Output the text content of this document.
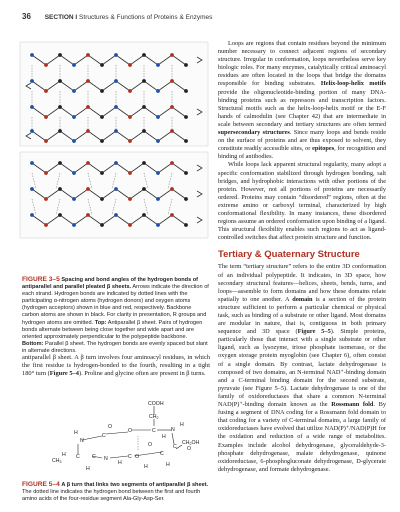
36 SECTION I Structures & Functions of Proteins & Enzymes
FIGURE 3–5 Spacing and bond angles of the hydrogen bonds of antiparallel and parallel pleated β sheets. Arrows indicate the direction of each strand. Hydrogen bonds are indicated by dotted lines with the participating α-nitrogen atoms (hydrogen donors) and oxygen atoms (hydrogen acceptors) shown in blue and red, respectively. Backbone carbon atoms are shown in black. For clarity in presentation, R groups and hydrogen atoms are omitted. Top: Antiparallel β sheet. Pairs of hydrogen bonds alternate between being close together and wide apart and are oriented approximately perpendicular to the polypeptide backbone. Bottom: Parallel β sheet. The hydrogen bonds are evenly spaced but slant in alternate directions.

antiparallel β sheet. A β turn involves four aminoacyl residues, in which the first residue is hydrogen-bonded to the fourth, resulting in a tight 180° turn (Figure 5–4). Proline and glycine often are present in β turns.

COOH
$CH_2$
C
H
O
H
N
C
O
H C
$CH_3$
N
H
C O
$CH_2OH$
O
H
N	C
H
C
H
C
H
O
FIGURE 5–4 A β turn that links two segments of antiparallel β sheet. The dotted line indicates the hydrogen bond between the first and fourth amino acids of the four-residue segment Ala-Gly-Asp-Ser.

Loops are regions that contain residues beyond the minimum number necessary to connect adjacent regions of secondary structure. Irregular in conformation, loops nevertheless serve key biologic roles. For many enzymes, catalytically critical aminoacyl residues are often located in the loops that bridge the domains responsible for binding substrates. Helix-loop-helix motifs provide the oligonucleotide-binding portion of many DNA-binding proteins such as repressors and transcription factors. Structural motifs such as the helix-loop-helix motif or the E-F hands of calmodulin (see Chapter 42) that are intermediate in scale between secondary and tertiary structures are often termed supersecondary structures. Since many loops and bends reside on the surface of proteins and are thus exposed to solvent, they constitute readily accessible sites, or epitopes, for recognition and binding of antibodies.

While loops lack apparent structural regularity, many adopt a specific conformation stabilized through hydrogen bonding, salt bridges, and hydrophobic interactions with other portions of the protein. However, not all portions of proteins are necessarily ordered. Proteins may contain “disordered” regions, often at the extreme amino or carboxyl terminal, characterized by high conformational flexibility. In many instances, these disordered regions assume an ordered conformation upon binding of a ligand. This structural flexibility enables such regions to act as ligand-controlled switches that affect protein structure and function.

Tertiary & Quaternary Structure

The term “tertiary structure” refers to the entire 3D conformation of an individual polypeptide. It indicates, in 3D space, how secondary structural features—helices, sheets, bends, turns, and loops—assemble to form domains and how these domains relate spatially to one another. A domain is a section of the protein structure sufficient to perform a particular chemical or physical task, such as binding of a substrate or other ligand. Most domains are modular in nature, that is, contiguous in both primary sequence and 3D space (Figure 5–5). Simple proteins, particularly those that interact with a single substrate or other ligand, such as lysozyme, triose phosphate isomerase, or the oxygen storage protein myoglobin (see Chapter 6), often consist of a single domain. By contrast, lactate dehydrogenase is composed of two domains, an N-terminal NAD⁺-binding domain and a C-terminal binding domain for the second substrate, pyruvate (see Figure 5–5). Lactate dehydrogenase is one of the family of oxidoreductases that share a common N-terminal NAD(P)⁺-binding domain known as the Rossmann fold. By fusing a segment of DNA coding for a Rossmann fold domain to that coding for a variety of C-terminal domains, a large family of oxidoreductases have evolved that utilize NAD(P)⁺/NAD(P)H for the oxidation and reduction of a wide range of metabolites. Examples include alcohol dehydrogenase, glyceraldehyde-3-phosphate dehydrogenase, malate dehydrogenase, quinone oxidoreductase, 6-phosphogluconate dehydrogenase, D-glycerate dehydrogenase, and formate dehydrogenase.
